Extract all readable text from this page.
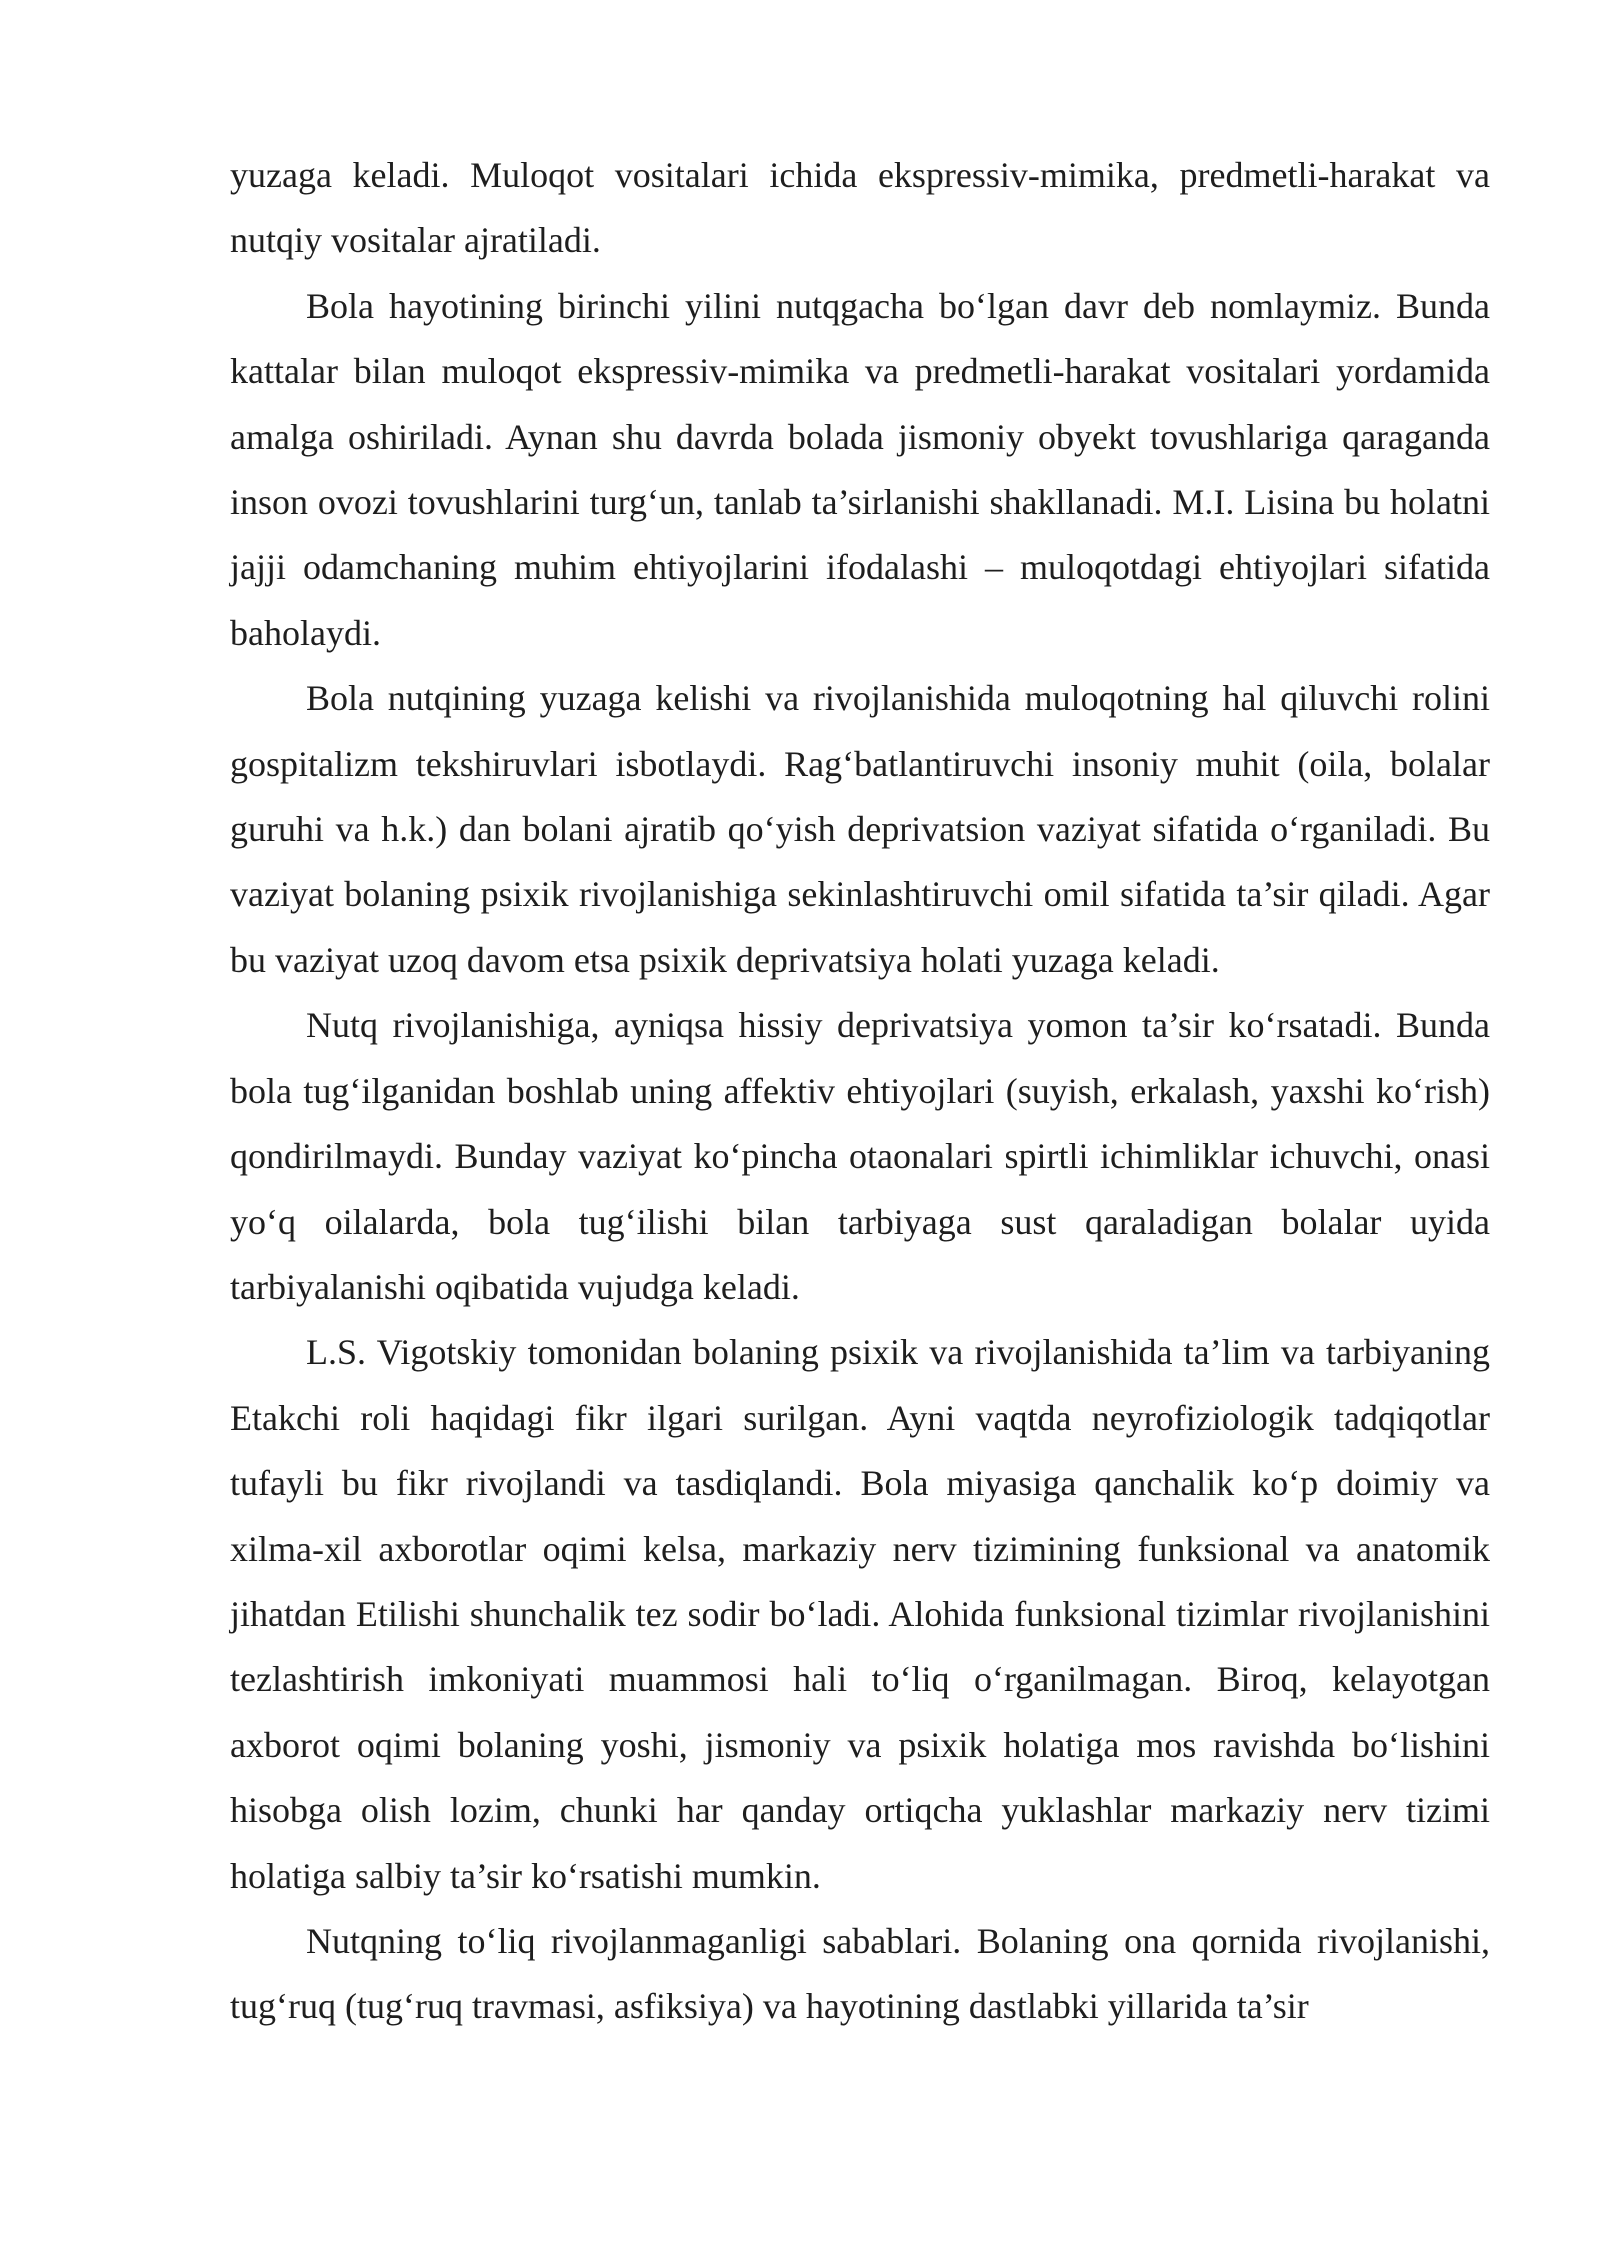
yuzaga keladi. Muloqot vositalari ichida ekspressiv-mimika, predmetli-harakat va nutqiy vositalar ajratiladi.

Bola hayotining birinchi yilini nutqgacha bo‘lgan davr deb nomlaymiz. Bunda kattalar bilan muloqot ekspressiv-mimika va predmetli-harakat vositalari yordamida amalga oshiriladi. Aynan shu davrda bolada jismoniy obyekt tovushlariga qaraganda inson ovozi tovushlarini turg‘un, tanlab ta’sirlanishi shakllanadi. M.I. Lisina bu holatni jajji odamchaning muhim ehtiyojlarini ifodalashi – muloqotdagi ehtiyojlari sifatida baholaydi.

Bola nutqining yuzaga kelishi va rivojlanishida muloqotning hal qiluvchi rolini gospitalizm tekshiruvlari isbotlaydi. Rag‘batlantiruvchi insoniy muhit (oila, bolalar guruhi va h.k.) dan bolani ajratib qo‘yish deprivatsion vaziyat sifatida o‘rganiladi. Bu vaziyat bolaning psixik rivojlanishiga sekinlashtiruvchi omil sifatida ta’sir qiladi. Agar bu vaziyat uzoq davom etsa psixik deprivatsiya holati yuzaga keladi.

Nutq rivojlanishiga, ayniqsa hissiy deprivatsiya yomon ta’sir ko‘rsatadi. Bunda bola tug‘ilganidan boshlab uning affektiv ehtiyojlari (suyish, erkalash, yaxshi ko‘rish) qondirilmaydi. Bunday vaziyat ko‘pincha otaonalari spirtli ichimliklar ichuvchi, onasi yo‘q oilalarda, bola tug‘ilishi bilan tarbiyaga sust qaraladigan bolalar uyida tarbiyalanishi oqibatida vujudga keladi.

L.S. Vigotskiy tomonidan bolaning psixik va rivojlanishida ta’lim va tarbiyaning Etakchi roli haqidagi fikr ilgari surilgan. Ayni vaqtda neyrofiziologik tadqiqotlar tufayli bu fikr rivojlandi va tasdiqlandi. Bola miyasiga qanchalik ko‘p doimiy va xilma-xil axborotlar oqimi kelsa, markaziy nerv tizimining funksional va anatomik jihatdan Etilishi shunchalik tez sodir bo‘ladi. Alohida funksional tizimlar rivojlanishini tezlashtirish imkoniyati muammosi hali to‘liq o‘rganilmagan. Biroq, kelayotgan axborot oqimi bolaning yoshi, jismoniy va psixik holatiga mos ravishda bo‘lishini hisobga olish lozim, chunki har qanday ortiqcha yuklashlar markaziy nerv tizimi holatiga salbiy ta’sir ko‘rsatishi mumkin.

Nutqning to‘liq rivojlanmaganligi sabablari. Bolaning ona qornida rivojlanishi, tug‘ruq (tug‘ruq travmasi, asfiksiya) va hayotining dastlabki yillarida ta’sir
